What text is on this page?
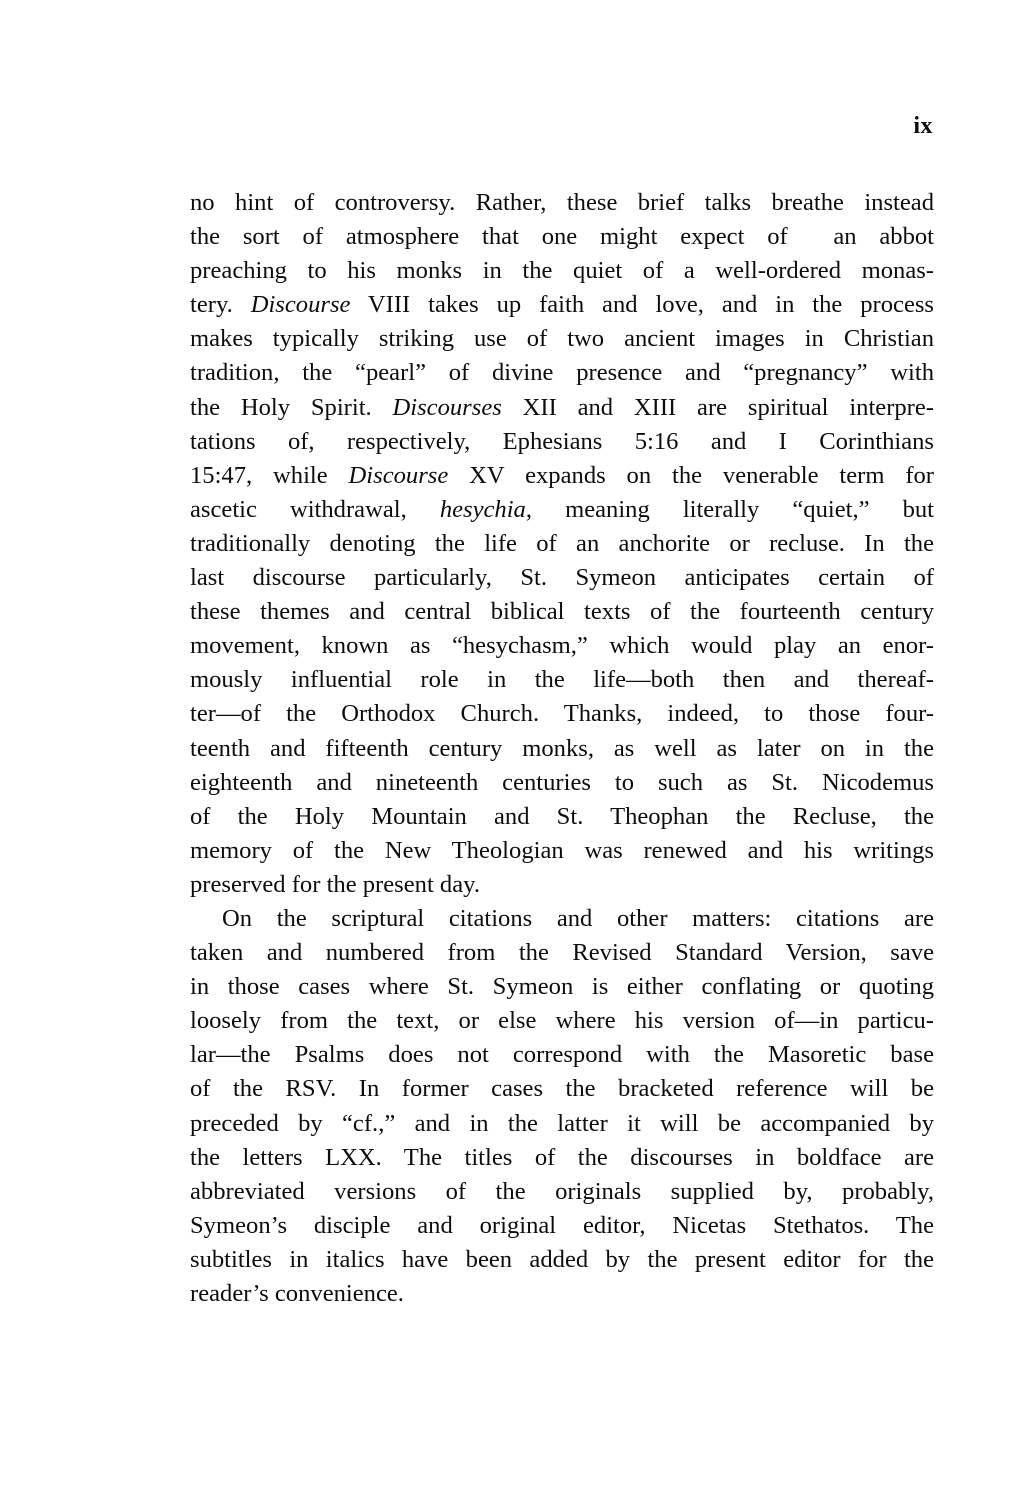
ix
no hint of controversy. Rather, these brief talks breathe instead
the sort of atmosphere that one might expect of  an abbot
preaching to his monks in the quiet of a well-ordered monas-
tery. Discourse VIII takes up faith and love, and in the process
makes typically striking use of two ancient images in Christian
tradition, the “pearl” of divine presence and “pregnancy” with
the Holy Spirit. Discourses XII and XIII are spiritual interpre-
tations of, respectively, Ephesians 5:16 and I Corinthians
15:47, while Discourse XV expands on the venerable term for
ascetic withdrawal, hesychia, meaning literally “quiet,” but
traditionally denoting the life of an anchorite or recluse. In the
last discourse particularly, St. Symeon anticipates certain of
these themes and central biblical texts of the fourteenth century
movement, known as “hesychasm,” which would play an enor-
mously influential role in the life—both then and thereaf-
ter—of the Orthodox Church. Thanks, indeed, to those four-
teenth and fifteenth century monks, as well as later on in the
eighteenth and nineteenth centuries to such as St. Nicodemus
of the Holy Mountain and St. Theophan the Recluse, the
memory of the New Theologian was renewed and his writings
preserved for the present day.
On the scriptural citations and other matters: citations are
taken and numbered from the Revised Standard Version, save
in those cases where St. Symeon is either conflating or quoting
loosely from the text, or else where his version of—in particu-
lar—the Psalms does not correspond with the Masoretic base
of the RSV. In former cases the bracketed reference will be
preceded by “cf.,” and in the latter it will be accompanied by
the letters LXX. The titles of the discourses in boldface are
abbreviated versions of the originals supplied by, probably,
Symeon’s disciple and original editor, Nicetas Stethatos. The
subtitles in italics have been added by the present editor for the
reader’s convenience.
